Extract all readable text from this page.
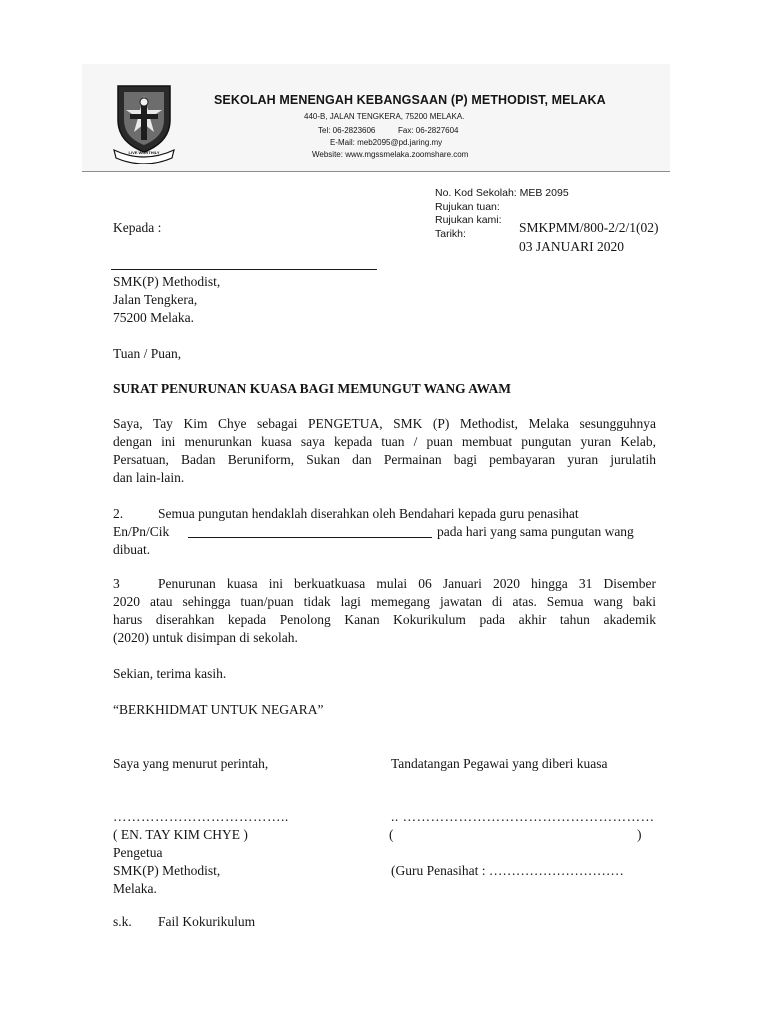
LIVE WORTHILY
SEKOLAH MENENGAH KEBANGSAAN (P) METHODIST, MELAKA
440-B, JALAN TENGKERA, 75200 MELAKA.
Tel: 06-2823606	Fax: 06-2827604
E-Mail: meb2095@pd.jaring.my
Website: www.mgssmelaka.zoomshare.com
No. Kod Sekolah: MEB 2095
Rujukan tuan:
Rujukan kami:
Tarikh:	SMKPMM/800-2/2/1(02)
03 JANUARI 2020
Kepada :
SMK(P) Methodist,
Jalan Tengkera,
75200 Melaka.
Tuan / Puan,
SURAT PENURUNAN KUASA BAGI MEMUNGUT WANG AWAM
Saya, Tay Kim Chye sebagai PENGETUA, SMK (P) Methodist, Melaka sesungguhnya
dengan ini menurunkan kuasa saya kepada tuan / puan membuat pungutan yuran Kelab,
Persatuan, Badan Beruniform, Sukan dan Permainan bagi pembayaran yuran jurulatih
dan lain-lain.
2.	Semua pungutan hendaklah diserahkan oleh Bendahari kepada guru penasihat
En/Pn/Cik	pada hari yang sama pungutan wang
dibuat.
3	Penurunan kuasa ini berkuatkuasa mulai 06 Januari 2020 hingga 31 Disember
2020 atau sehingga tuan/puan tidak lagi memegang jawatan di atas. Semua wang baki
harus diserahkan kepada Penolong Kanan Kokurikulum pada akhir tahun akademik
(2020) untuk disimpan di sekolah.
Sekian, terima kasih.
“BERKHIDMAT UNTUK NEGARA”
Saya yang menurut perintah,	Tandatangan Pegawai yang diberi kuasa
………………………………..	.. ………………………………………………
( EN. TAY KIM CHYE )	(	)
Pengetua
SMK(P) Methodist,	(Guru Penasihat : …………………………
Melaka.
s.k. Fail Kokurikulum
